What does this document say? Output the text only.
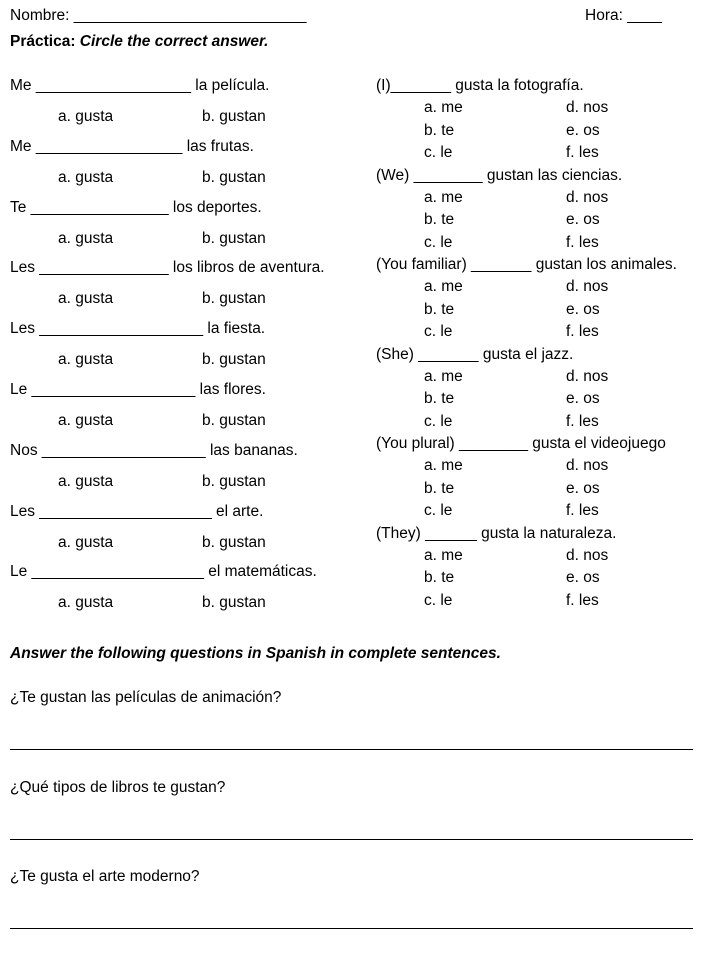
Nombre: ___________________________	Hora: ____
Práctica: Circle the correct answer.
Me __________________ la película.
a. gusta	b. gustan
Me _________________ las frutas.
a. gusta	b. gustan
Te ________________ los deportes.
a. gusta	b. gustan
Les _______________ los libros de aventura.
a. gusta	b. gustan
Les ___________________ la fiesta.
a. gusta	b. gustan
Le ___________________ las flores.
a. gusta	b. gustan
Nos ___________________ las bananas.
a. gusta	b. gustan
Les ____________________ el arte.
a. gusta	b. gustan
Le ____________________ el matemáticas.
a. gusta	b. gustan
(I)_______ gusta la fotografía.
a. me	d. nos
b. te	e. os
c. le	f. les
(We) ________ gustan las ciencias.
a. me	d. nos
b. te	e. os
c. le	f. les
(You familiar) _______ gustan los animales.
a. me	d. nos
b. te	e. os
c. le	f. les
(She) _______ gusta el jazz.
a. me	d. nos
b. te	e. os
c. le	f. les
(You plural) ________ gusta el videojuego
a. me	d. nos
b. te	e. os
c. le	f. les
(They) ______ gusta la naturaleza.
a. me	d. nos
b. te	e. os
c. le	f. les
Answer the following questions in Spanish in complete sentences.
¿Te gustan las películas de animación?
¿Qué tipos de libros te gustan?
¿Te gusta el arte moderno?
